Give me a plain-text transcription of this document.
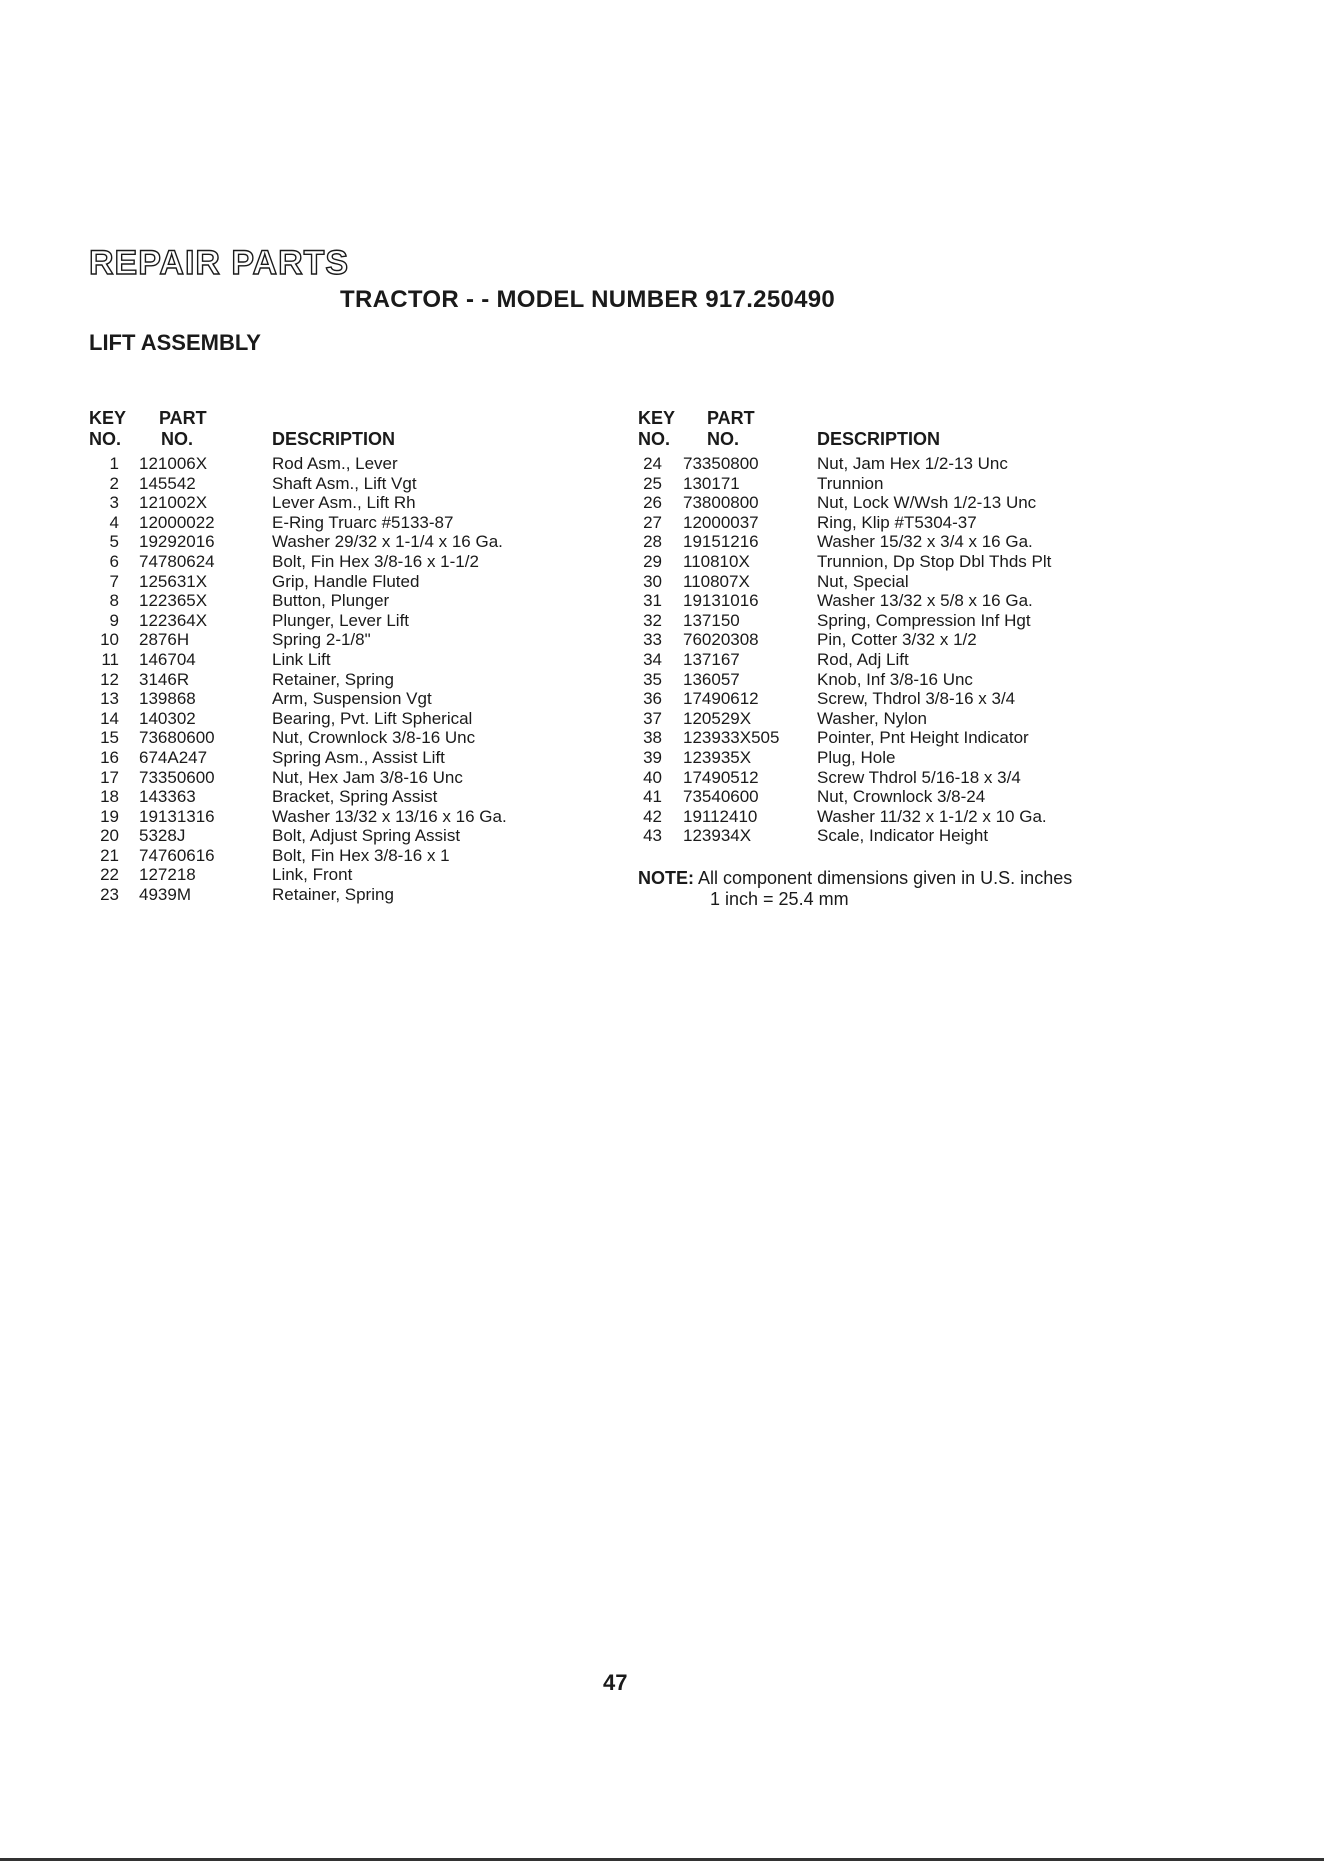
REPAIR PARTS
TRACTOR - - MODEL NUMBER 917.250490
LIFT ASSEMBLY
KEY
NO.
PART
NO.	DESCRIPTION
1 121006X	Rod Asm., Lever
2 145542	Shaft Asm., Lift Vgt
3 121002X	Lever Asm., Lift Rh
4 12000022	E-Ring Truarc #5133-87
5 19292016	Washer 29/32 x 1-1/4 x 16 Ga.
6 74780624	Bolt, Fin Hex 3/8-16 x 1-1/2
7 125631X	Grip, Handle Fluted
8 122365X	Button, Plunger
9 122364X	Plunger, Lever Lift
10 2876H	Spring 2-1/8"
11 146704	Link Lift
12 3146R	Retainer, Spring
13 139868	Arm, Suspension Vgt
14 140302	Bearing, Pvt. Lift Spherical
15 73680600	Nut, Crownlock 3/8-16 Unc
16 674A247	Spring Asm., Assist Lift
17 73350600	Nut, Hex Jam 3/8-16 Unc
18 143363	Bracket, Spring Assist
19 19131316	Washer 13/32 x 13/16 x 16 Ga.
20 5328J	Bolt, Adjust Spring Assist
21 74760616	Bolt, Fin Hex 3/8-16 x 1
22 127218	Link, Front
23 4939M	Retainer, Spring
KEY
NO.
PART
NO.	DESCRIPTION
24 73350800	Nut, Jam Hex 1/2-13 Unc
25 130171	Trunnion
26 73800800	Nut, Lock W/Wsh 1/2-13 Unc
27 12000037	Ring, Klip #T5304-37
28 19151216	Washer 15/32 x 3/4 x 16 Ga.
29 110810X	Trunnion, Dp Stop Dbl Thds Plt
30 110807X	Nut, Special
31 19131016	Washer 13/32 x 5/8 x 16 Ga.
32 137150	Spring, Compression Inf Hgt
33 76020308	Pin, Cotter 3/32 x 1/2
34 137167	Rod, Adj Lift
35 136057	Knob, Inf 3/8-16 Unc
36 17490612	Screw, Thdrol 3/8-16 x 3/4
37 120529X	Washer, Nylon
38 123933X505 Pointer, Pnt Height Indicator
39 123935X	Plug, Hole
40 17490512	Screw Thdrol 5/16-18 x 3/4
41 73540600	Nut, Crownlock 3/8-24
42 19112410	Washer 11/32 x 1-1/2 x 10 Ga.
43 123934X	Scale, Indicator Height
NOTE: All component dimensions given in U.S. inches
1 inch = 25.4 mm
47
